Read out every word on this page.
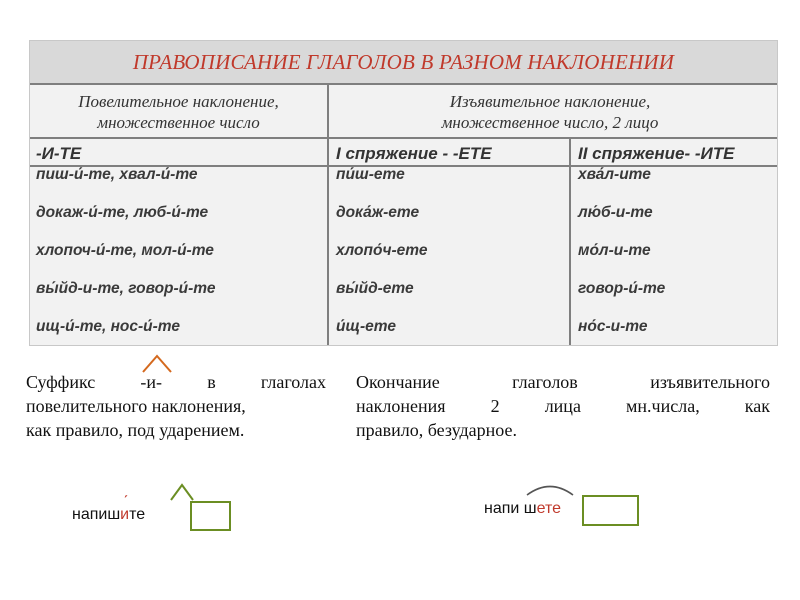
ПРАВОПИСАНИЕ ГЛАГОЛОВ В РАЗНОМ НАКЛОНЕНИИ
Повелительное наклонение,
множественное число
Изъявительное наклонение,
множественное число, 2 лицо
-И-ТЕ	I спряжение - -ЕТЕ	II спряжение- -ИТЕ
пиш-и́-те, хвал-и́-те	пи́ш-ете	хва́л-ите
докаж-и́-те, люб-и́-те	дока́ж-ете	лю́б-и-те
хлопоч-и́-те, мол-и́-те	хлопо́ч-ете	мо́л-и-те
вы́йд-и-те, говор-и́-те	вы́йд-ете	говор-и́-те
ищ-и́-те, нос-и́-те	и́щ-ете	но́с-и-те
Суффикс	-и-	в	глаголах
повелительного наклонения,
как правило, под ударением.
Окончание глаголов изъявительного
наклонения 2 лица мн.числа, как
правило, безударное.
напиши
ˊ
те	напи шете
